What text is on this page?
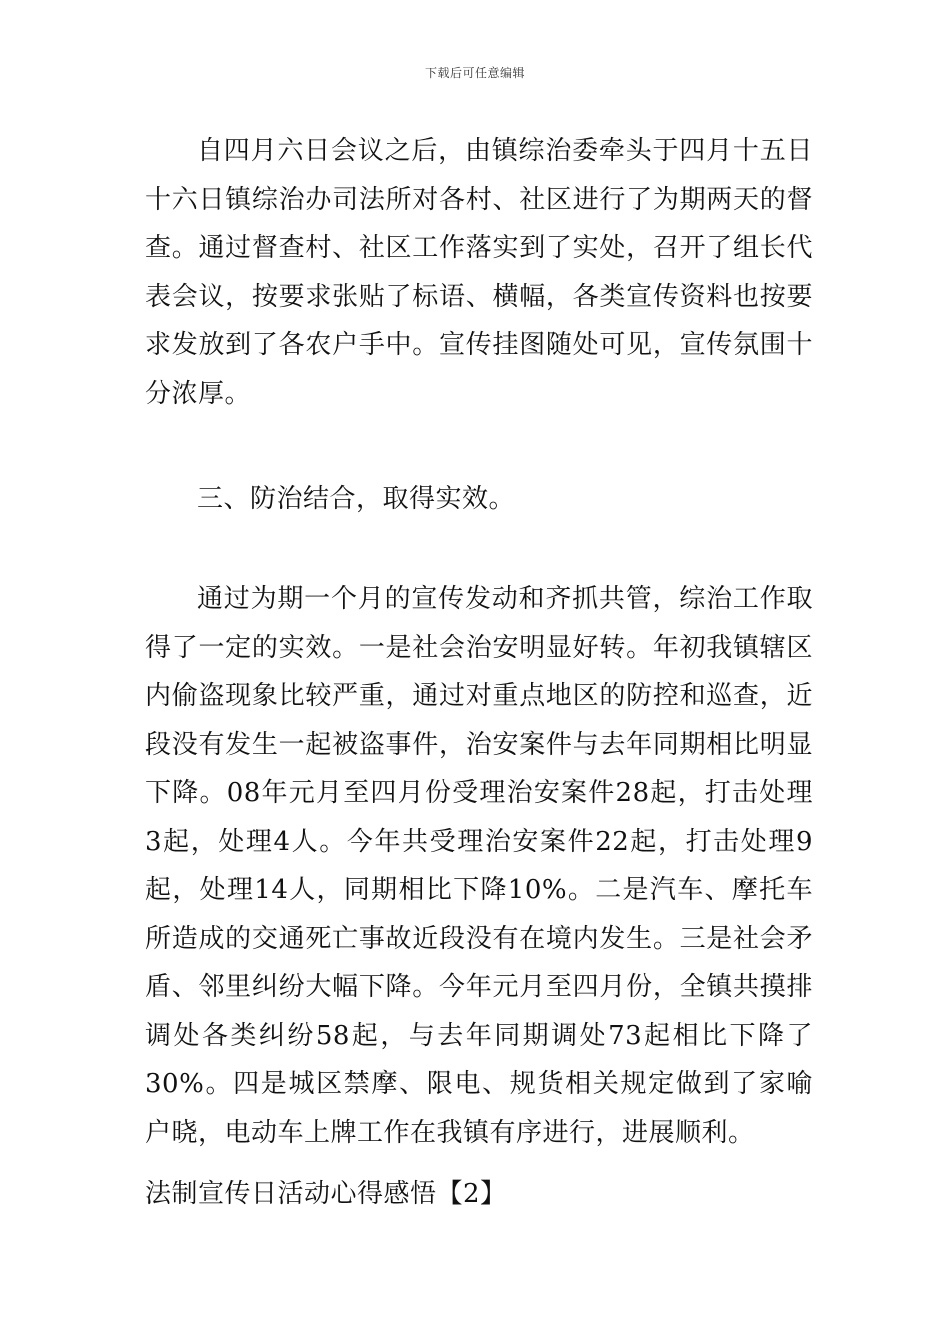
下载后可任意编辑

自四月六日会议之后，由镇综治委牵头于四月十五日十六日镇综治办司法所对各村、社区进行了为期两天的督查。通过督查村、社区工作落实到了实处，召开了组长代表会议，按要求张贴了标语、横幅，各类宣传资料也按要求发放到了各农户手中。宣传挂图随处可见，宣传氛围十分浓厚。

三、防治结合，取得实效。

通过为期一个月的宣传发动和齐抓共管，综治工作取得了一定的实效。一是社会治安明显好转。年初我镇辖区内偷盗现象比较严重，通过对重点地区的防控和巡查，近段没有发生一起被盗事件，治安案件与去年同期相比明显下降。08年元月至四月份受理治安案件28起，打击处理3起，处理4人。今年共受理治安案件22起，打击处理9起，处理14人，同期相比下降10%。二是汽车、摩托车所造成的交通死亡事故近段没有在境内发生。三是社会矛盾、邻里纠纷大幅下降。今年元月至四月份，全镇共摸排调处各类纠纷58起，与去年同期调处73起相比下降了30%。四是城区禁摩、限电、规货相关规定做到了家喻户晓，电动车上牌工作在我镇有序进行，进展顺利。

法制宣传日活动心得感悟【2】
